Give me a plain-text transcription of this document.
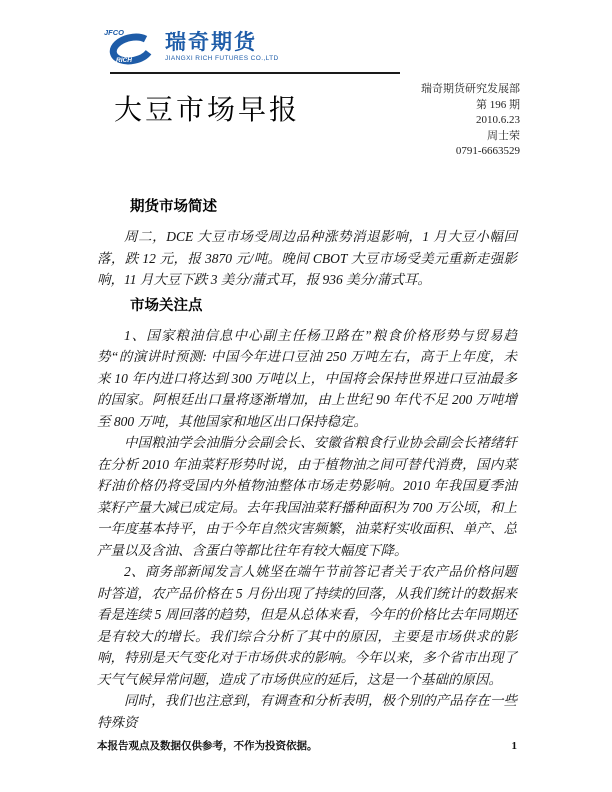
JFCO
RICH
瑞奇期货
JIANGXI RICH FUTURES CO.,LTD
瑞奇期货研究发展部
第 196 期
2010.6.23
周士荣
0791-6663529
大豆市场早报
期货市场简述

周二，DCE 大豆市场受周边品种涨势消退影响，1 月大豆小幅回落，跌 12 元，报 3870 元/吨。晚间 CBOT 大豆市场受美元重新走强影响，11 月大豆下跌 3 美分/蒲式耳，报 936 美分/蒲式耳。

市场关注点

1、国家粮油信息中心副主任杨卫路在”粮食价格形势与贸易趋势“的演讲时预测: 中国今年进口豆油 250 万吨左右，高于上年度，未来 10 年内进口将达到 300 万吨以上，中国将会保持世界进口豆油最多的国家。阿根廷出口量将逐渐增加，由上世纪 90 年代不足 200 万吨增至 800 万吨，其他国家和地区出口保持稳定。

中国粮油学会油脂分会副会长、安徽省粮食行业协会副会长褚绪轩在分析 2010 年油菜籽形势时说，由于植物油之间可替代消费，国内菜籽油价格仍将受国内外植物油整体市场走势影响。2010 年我国夏季油菜籽产量大减已成定局。去年我国油菜籽播种面积为 700 万公顷，和上一年度基本持平，由于今年自然灾害频繁，油菜籽实收面积、单产、总产量以及含油、含蛋白等都比往年有较大幅度下降。

2、商务部新闻发言人姚坚在端午节前答记者关于农产品价格问题时答道，农产品价格在 5 月份出现了持续的回落，从我们统计的数据来看是连续 5 周回落的趋势，但是从总体来看，今年的价格比去年同期还是有较大的增长。我们综合分析了其中的原因，主要是市场供求的影响，特别是天气变化对于市场供求的影响。今年以来，多个省市出现了天气气候异常问题，造成了市场供应的延后，这是一个基础的原因。

同时，我们也注意到，有调查和分析表明，极个别的产品存在一些特殊资

本报告观点及数据仅供参考，不作为投资依据。	1
